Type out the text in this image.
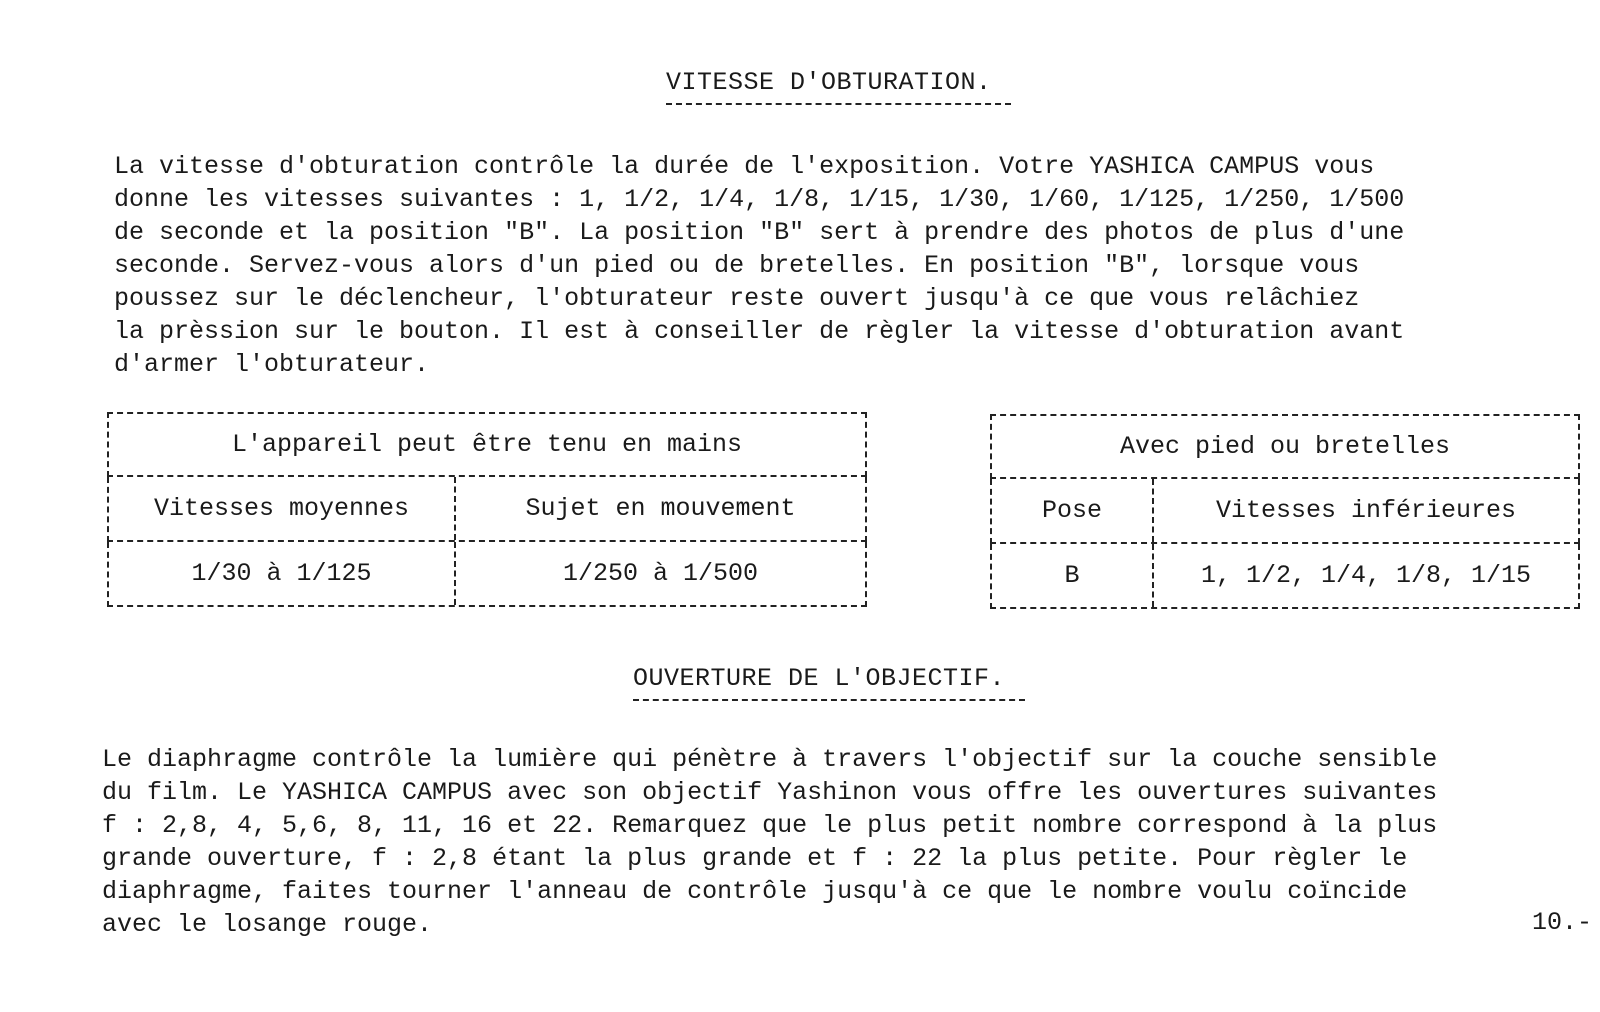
VITESSE D'OBTURATION.
La vitesse d'obturation contrôle la durée de l'exposition. Votre YASHICA CAMPUS vous
donne les vitesses suivantes : 1, 1/2, 1/4, 1/8, 1/15, 1/30, 1/60, 1/125, 1/250, 1/500
de seconde et la position "B". La position "B" sert à prendre des photos de plus d'une
seconde. Servez-vous alors d'un pied ou de bretelles. En position "B", lorsque vous
poussez sur le déclencheur, l'obturateur reste ouvert jusqu'à ce que vous relâchiez
la prèssion sur le bouton. Il est à conseiller de règler la vitesse d'obturation avant
d'armer l'obturateur.
L'appareil peut être tenu en mains
Vitesses moyennes	Sujet en mouvement
1/30 à 1/125	1/250 à 1/500
Avec pied ou bretelles
Pose	Vitesses inférieures
B	1, 1/2, 1/4, 1/8, 1/15
OUVERTURE DE L'OBJECTIF.
Le diaphragme contrôle la lumière qui pénètre à travers l'objectif sur la couche sensible
du film. Le YASHICA CAMPUS avec son objectif Yashinon vous offre les ouvertures suivantes
f : 2,8, 4, 5,6, 8, 11, 16 et 22. Remarquez que le plus petit nombre correspond à la plus
grande ouverture, f : 2,8 étant la plus grande et f : 22 la plus petite. Pour règler le
diaphragme, faites tourner l'anneau de contrôle jusqu'à ce que le nombre voulu coïncide
avec le losange rouge.	10.-
